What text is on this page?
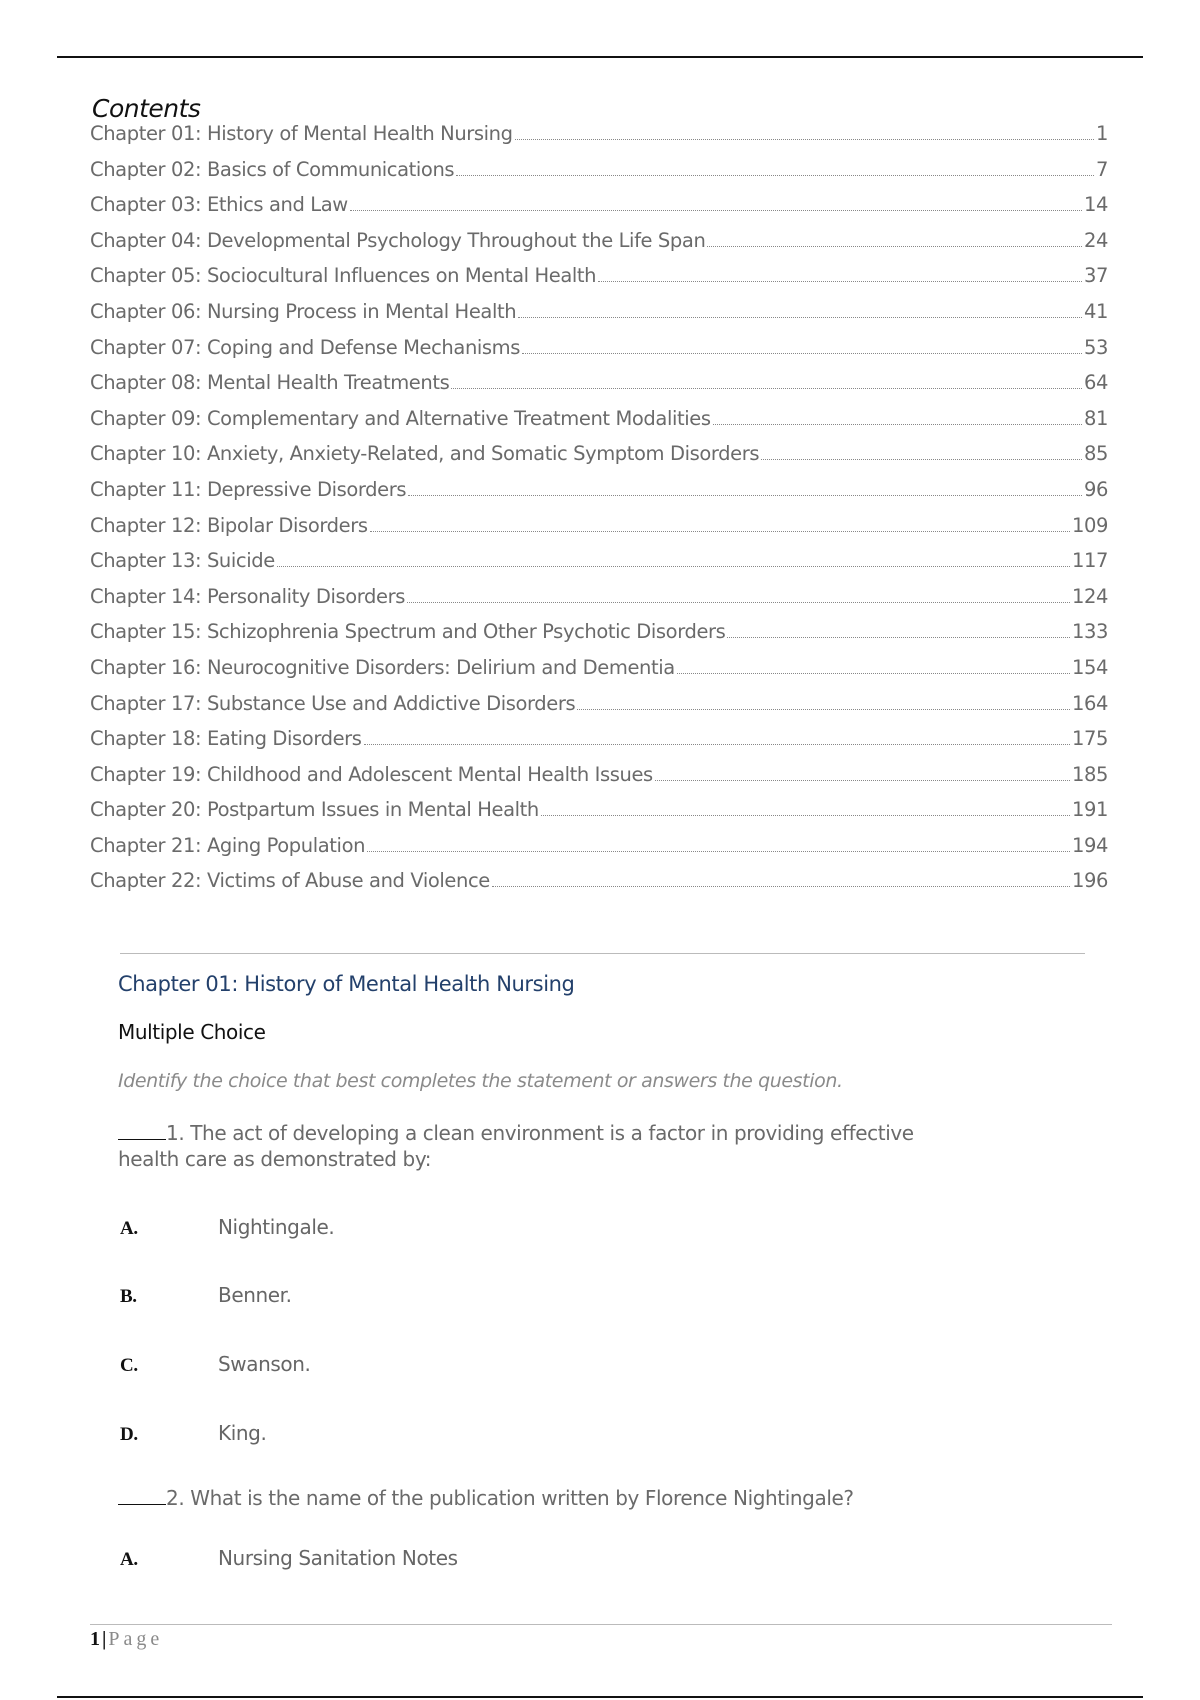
Contents
Chapter 01: History of Mental Health Nursing	1
Chapter 02: Basics of Communications	7
Chapter 03: Ethics and Law	14
Chapter 04: Developmental Psychology Throughout the Life Span	24
Chapter 05: Sociocultural Influences on Mental Health	37
Chapter 06: Nursing Process in Mental Health	41
Chapter 07: Coping and Defense Mechanisms	53
Chapter 08: Mental Health Treatments	64
Chapter 09: Complementary and Alternative Treatment Modalities	81
Chapter 10: Anxiety, Anxiety-Related, and Somatic Symptom Disorders	85
Chapter 11: Depressive Disorders	96
Chapter 12: Bipolar Disorders	109
Chapter 13: Suicide	117
Chapter 14: Personality Disorders	124
Chapter 15: Schizophrenia Spectrum and Other Psychotic Disorders	133
Chapter 16: Neurocognitive Disorders: Delirium and Dementia	154
Chapter 17: Substance Use and Addictive Disorders	164
Chapter 18: Eating Disorders	175
Chapter 19: Childhood and Adolescent Mental Health Issues	185
Chapter 20: Postpartum Issues in Mental Health	191
Chapter 21: Aging Population	194
Chapter 22: Victims of Abuse and Violence	196
Chapter 01: History of Mental Health Nursing
Multiple Choice
Identify the choice that best completes the statement or answers the question.
1. The act of developing a clean environment is a factor in providing effective health care as demonstrated by:
A.	Nightingale.
B.	Benner.
C.	Swanson.
D.	King.
2. What is the name of the publication written by Florence Nightingale?
A.	Nursing Sanitation Notes
1 | Page
